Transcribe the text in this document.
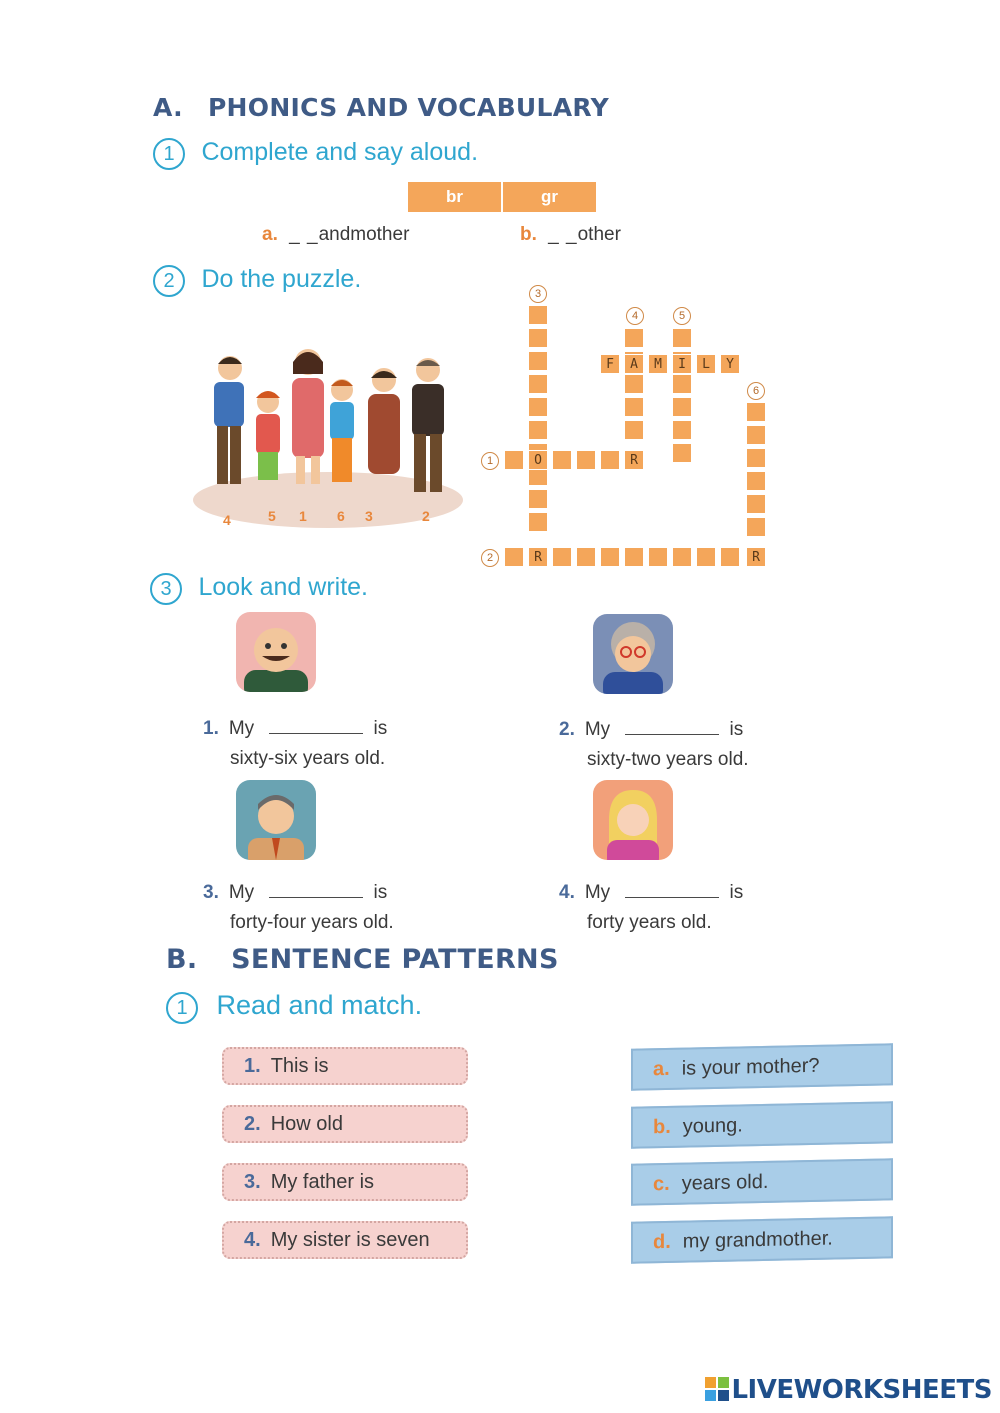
A. PHONICS AND VOCABULARY
1 Complete and say aloud.
br	gr
a. _ _andmother	b. _ _other
2 Do the puzzle.
4	5 1 6 3	2
3
4	5
6
1
2
F	A	M	I	L	Y
O	R
R	R
3 Look and write.
1. My	is
sixty-six years old.
2. My	is
sixty-two years old.
3. My	is
forty-four years old.
4. My	is
forty years old.
B. SENTENCE PATTERNS
1 Read and match.
1. This is
2. How old
3. My father is
4. My sister is seven
a. is your mother?
b. young.
c. years old.
d. my grandmother.
LIVEWORKSHEETS
